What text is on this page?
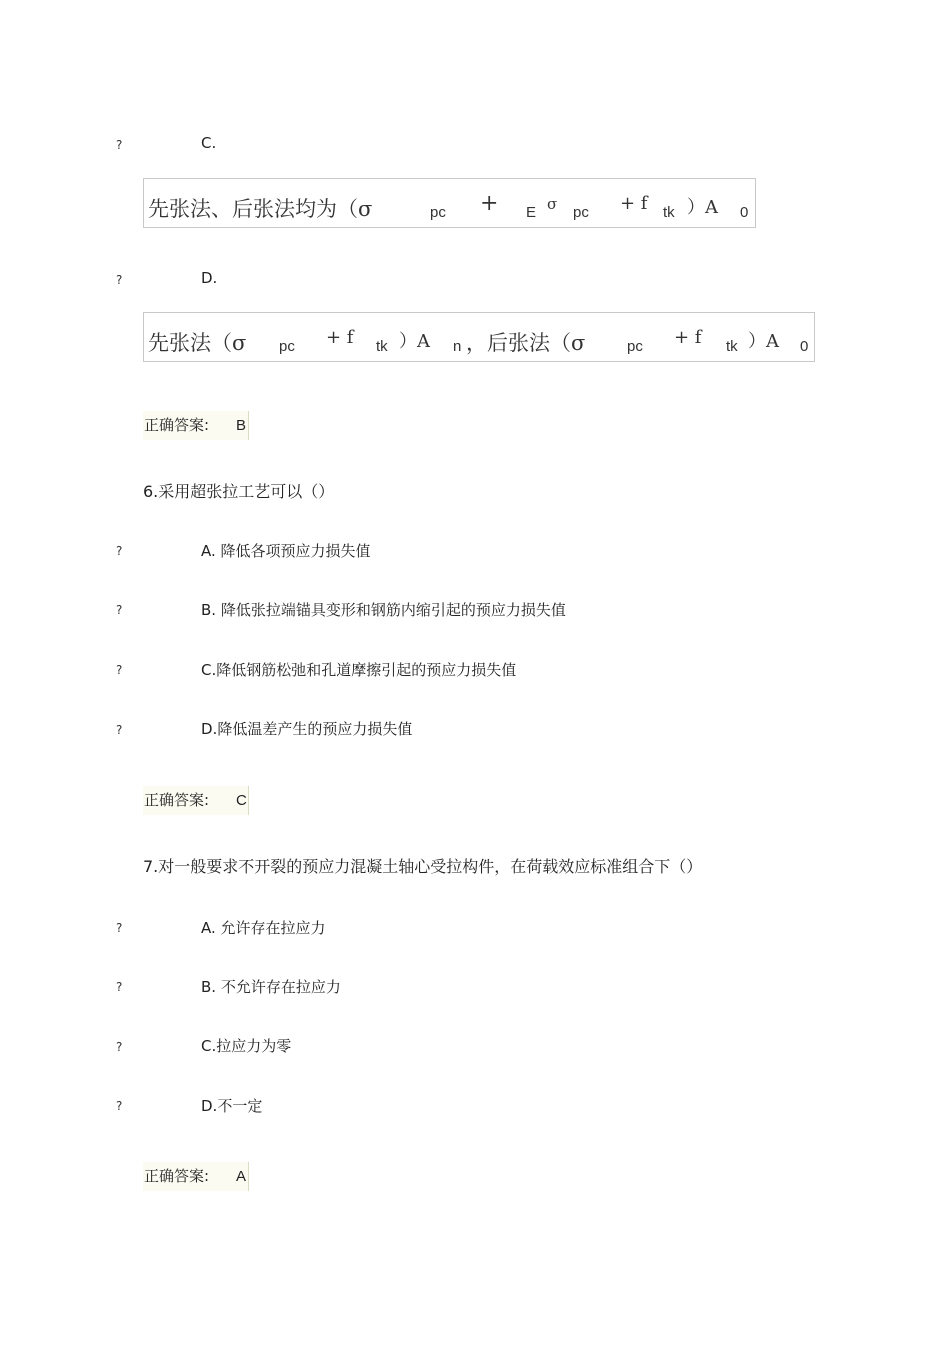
?	C.
先张法、后张法均为（σ	pc + E σ pc + f tk ）A 0
?	D.
先张法（σ pc + f tk ）A n ，后张法（σ	pc + f tk ）A 0
正确答案: B
6.采用超张拉工艺可以（）
?	A. 降低各项预应力损失值
?	B. 降低张拉端锚具变形和钢筋内缩引起的预应力损失值
?	C.降低钢筋松弛和孔道摩擦引起的预应力损失值
?	D.降低温差产生的预应力损失值
正确答案: C
7.对一般要求不开裂的预应力混凝土轴心受拉构件，在荷载效应标准组合下（）
?	A. 允许存在拉应力
?	B. 不允许存在拉应力
?	C.拉应力为零
?	D.不一定
正确答案: A
